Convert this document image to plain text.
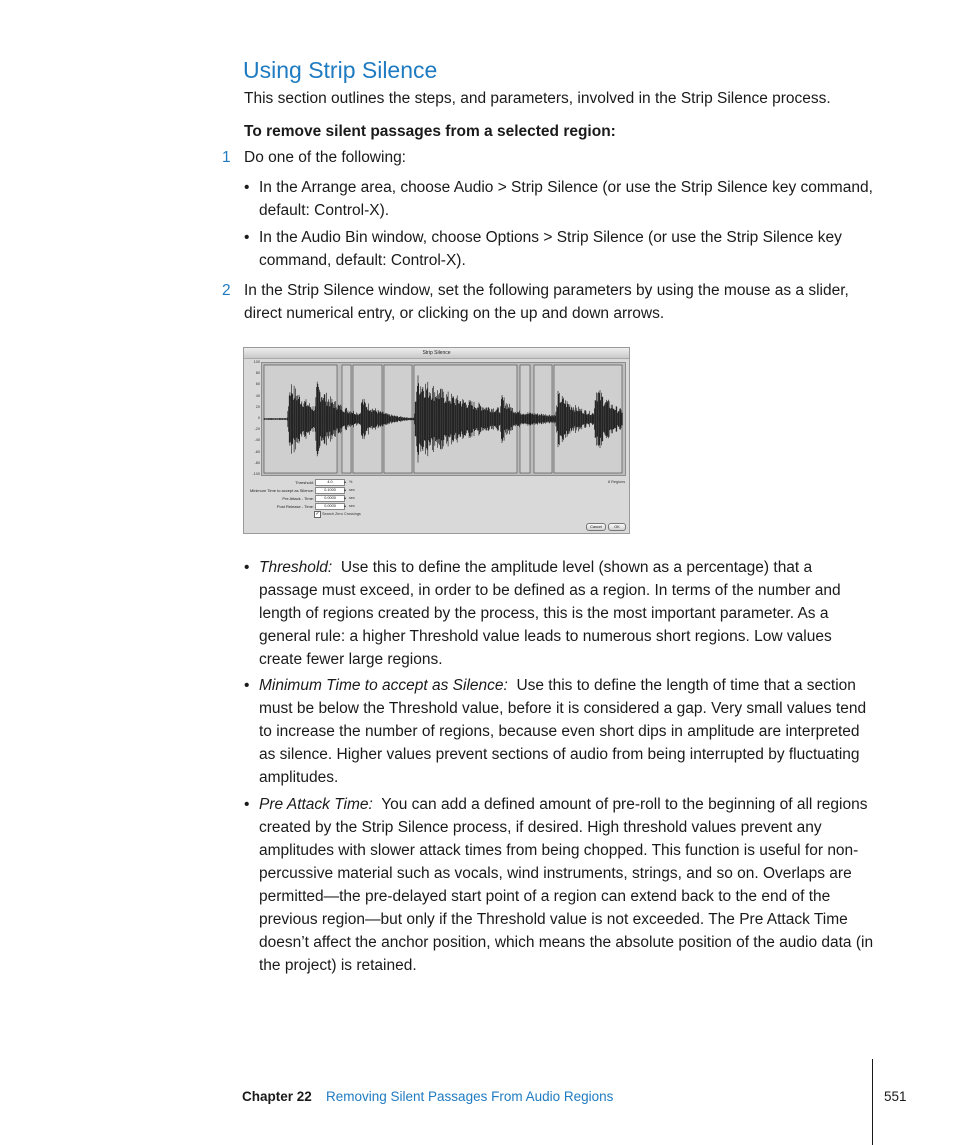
Using Strip Silence
This section outlines the steps, and parameters, involved in the Strip Silence process.
To remove silent passages from a selected region:
1 Do one of the following:
• In the Arrange area, choose Audio > Strip Silence (or use the Strip Silence key command, default: Control-X).
• In the Audio Bin window, choose Options > Strip Silence (or use the Strip Silence key command, default: Control-X).
2 In the Strip Silence window, set the following parameters by using the mouse as a slider, direct numerical entry, or clicking on the up and down arrows.
Strip Silence
100
80
60
40
20
0
-20
-40
-60
-80
-100
Threshold:	4.0	▴ %
Minimum Time to accept as Silence:	0.1000	▴ sec
Pre Attack - Time:	0.0000	▴ sec
Post Release - Time:	0.0000	▴ sec
✓ Search Zero Crossings
8 Regions
Cancel	OK
• Threshold: Use this to define the amplitude level (shown as a percentage) that a passage must exceed, in order to be defined as a region. In terms of the number and length of regions created by the process, this is the most important parameter. As a general rule: a higher Threshold value leads to numerous short regions. Low values create fewer large regions.
• Minimum Time to accept as Silence: Use this to define the length of time that a section must be below the Threshold value, before it is considered a gap. Very small values tend to increase the number of regions, because even short dips in amplitude are interpreted as silence. Higher values prevent sections of audio from being interrupted by fluctuating amplitudes.
• Pre Attack Time: You can add a defined amount of pre-roll to the beginning of all regions created by the Strip Silence process, if desired. High threshold values prevent any amplitudes with slower attack times from being chopped. This function is useful for non-percussive material such as vocals, wind instruments, strings, and so on. Overlaps are permitted—the pre-delayed start point of a region can extend back to the end of the previous region—but only if the Threshold value is not exceeded. The Pre Attack Time doesn’t affect the anchor position, which means the absolute position of the audio data (in the project) is retained.
Chapter 22 Removing Silent Passages From Audio Regions	551
